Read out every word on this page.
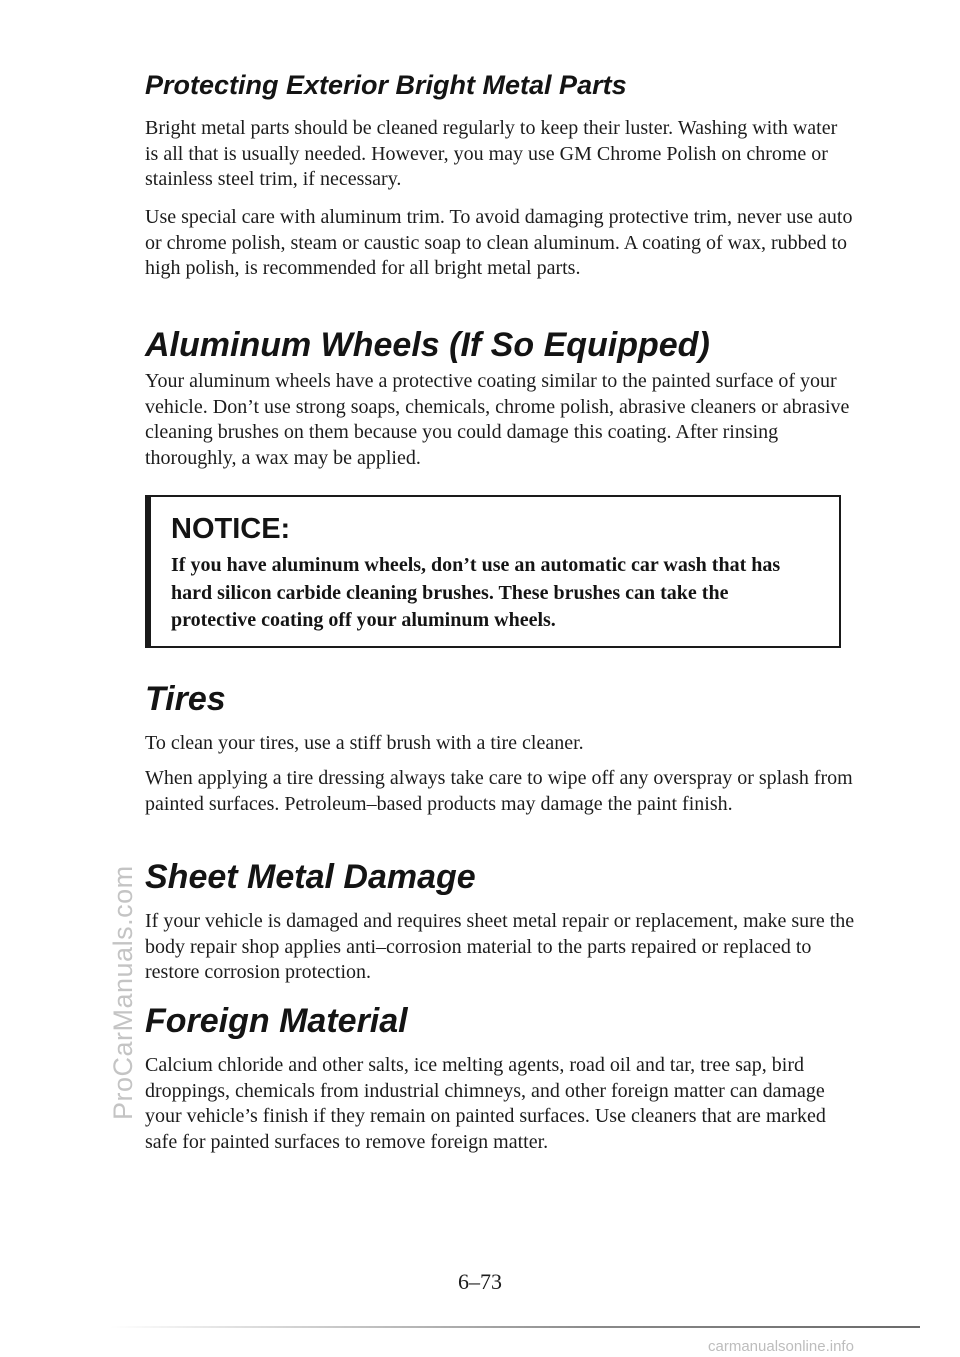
ProCarManuals.com
Protecting Exterior Bright Metal Parts

Bright metal parts should be cleaned regularly to keep their luster. Washing with water is all that is usually needed. However, you may use GM Chrome Polish on chrome or stainless steel trim, if necessary.

Use special care with aluminum trim. To avoid damaging protective trim, never use auto or chrome polish, steam or caustic soap to clean aluminum. A coating of wax, rubbed to high polish, is recommended for all bright metal parts.

Aluminum Wheels (If So Equipped)

Your aluminum wheels have a protective coating similar to the painted surface of your vehicle. Don’t use strong soaps, chemicals, chrome polish, abrasive cleaners or abrasive cleaning brushes on them because you could damage this coating. After rinsing thoroughly, a wax may be applied.

NOTICE:

If you have aluminum wheels, don’t use an automatic car wash that has hard silicon carbide cleaning brushes. These brushes can take the protective coating off your aluminum wheels.

Tires

To clean your tires, use a stiff brush with a tire cleaner.

When applying a tire dressing always take care to wipe off any overspray or splash from painted surfaces. Petroleum–based products may damage the paint finish.

Sheet Metal Damage

If your vehicle is damaged and requires sheet metal repair or replacement, make sure the body repair shop applies anti–corrosion material to the parts repaired or replaced to restore corrosion protection.

Foreign Material

Calcium chloride and other salts, ice melting agents, road oil and tar, tree sap, bird droppings, chemicals from industrial chimneys, and other foreign matter can damage your vehicle’s finish if they remain on painted surfaces. Use cleaners that are marked safe for painted surfaces to remove foreign matter.

6–73

carmanualsonline.info
